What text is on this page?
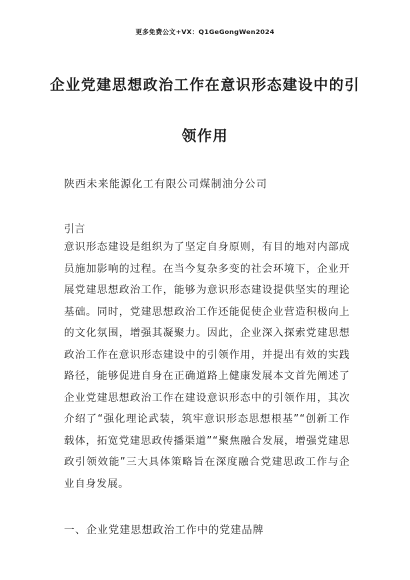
更多免费公文+VX：Q1GeGongWen2024
企业党建思想政治工作在意识形态建设中的引
领作用
陕西未来能源化工有限公司煤制油分公司
引言

意识形态建设是组织为了坚定自身原则，有目的地对内部成员施加影响的过程。在当今复杂多变的社会环境下，企业开展党建思想政治工作，能够为意识形态建设提供坚实的理论基础。同时，党建思想政治工作还能促使企业营造积极向上的文化氛围，增强其凝聚力。因此，企业深入探索党建思想政治工作在意识形态建设中的引领作用，并提出有效的实践路径，能够促进自身在正确道路上健康发展本文首先阐述了企业党建思想政治工作在建设意识形态中的引领作用，其次介绍了“强化理论武装，筑牢意识形态思想根基”“创新工作载体，拓宽党建思政传播渠道”“聚焦融合发展，增强党建思政引领效能”三大具体策略旨在深度融合党建思政工作与企业自身发展。

一、企业党建思想政治工作中的党建品牌
